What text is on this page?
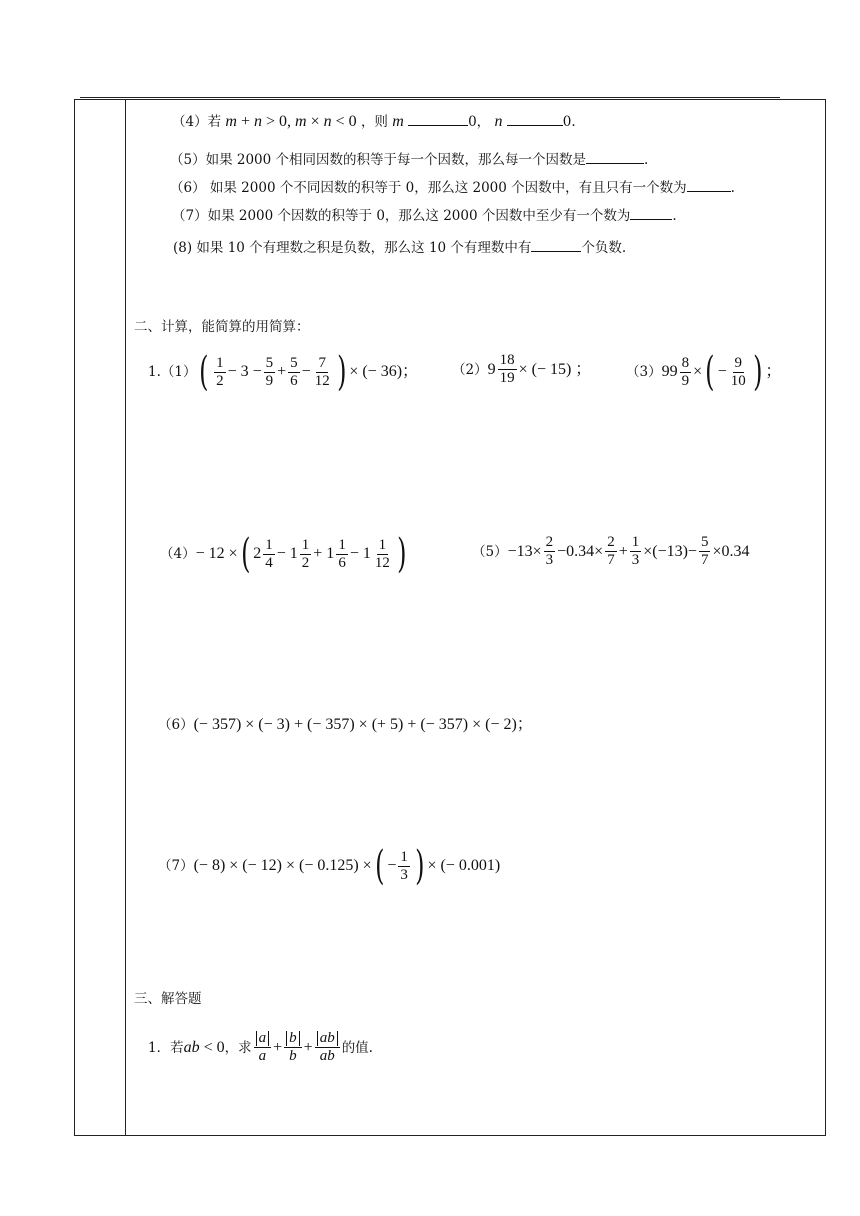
（4）若 m + n > 0, m × n < 0 ，则 m	0， n	0.
（5）如果 2000 个相同因数的积等于每一个因数，那么每一个因数是	.
（6） 如果 2000 个不同因数的积等于 0，那么这 2000 个因数中，有且只有一个数为	.
（7）如果 2000 个因数的积等于 0，那么这 2000 个因数中至少有一个数为	.
(8) 如果 10 个有理数之积是负数，那么这 10 个有理数中有	个负数.
二、计算，能简算的用简算：
1.（1） ( $\frac{1}{2} - 3 - \frac{5}{9} + \frac{5}{6} - \frac{7}{12}$ ) × (− 36)；	（2） $9 \frac{18}{19}$ × (− 15) ；	（3） $99 \frac{8}{9}$ × ( − $\frac{9}{10}$ ) ；
（4） − 12 × ( $2 \frac{1}{4} - 1 \frac{1}{2} + 1 \frac{1}{6} - 1 \frac{1}{12}$ )	$(5) -13\times \frac{2}{3} -0.34\times \frac{2}{7} + \frac{1}{3} \times(-13)- \frac{5}{7} \times 0.34$
（6） (− 357) × (− 3) + (− 357) × (+ 5) + (− 357) × (− 2)；
（7） (− 8) × (− 12) × (− 0.125) × ( − $\frac{1}{3}$ ) × (− 0.001)
三、解答题
1．若 ab < 0 ，求 $\frac{a}{a} + \frac{b}{b} + \frac{ab}{ab}$ 的值.
